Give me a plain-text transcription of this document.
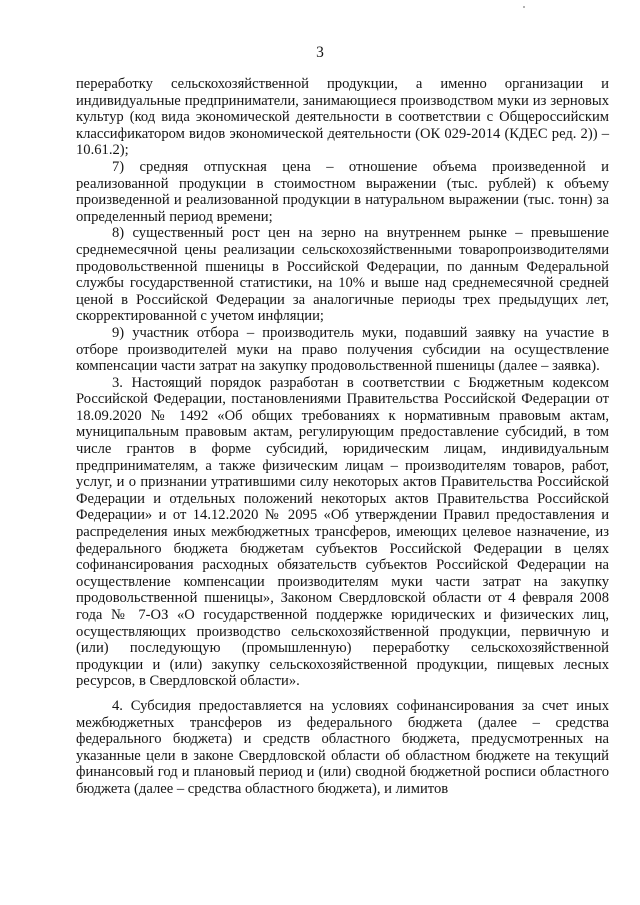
3

переработку сельскохозяйственной продукции, а именно организации и индивидуальные предприниматели, занимающиеся производством муки из зерновых культур (код вида экономической деятельности в соответствии с Общероссийским классификатором видов экономической деятельности (ОК 029-2014 (КДЕС ред. 2)) – 10.61.2);

7) средняя отпускная цена – отношение объема произведенной и реализованной продукции в стоимостном выражении (тыс. рублей) к объему произведенной и реализованной продукции в натуральном выражении (тыс. тонн) за определенный период времени;

8) существенный рост цен на зерно на внутреннем рынке – превышение среднемесячной цены реализации сельскохозяйственными товаропроизводителями продовольственной пшеницы в Российской Федерации, по данным Федеральной службы государственной статистики, на 10% и выше над среднемесячной средней ценой в Российской Федерации за аналогичные периоды трех предыдущих лет, скорректированной с учетом инфляции;

9) участник отбора – производитель муки, подавший заявку на участие в отборе производителей муки на право получения субсидии на осуществление компенсации части затрат на закупку продовольственной пшеницы (далее – заявка).

3. Настоящий порядок разработан в соответствии с Бюджетным кодексом Российской Федерации, постановлениями Правительства Российской Федерации от 18.09.2020 № 1492 «Об общих требованиях к нормативным правовым актам, муниципальным правовым актам, регулирующим предоставление субсидий, в том числе грантов в форме субсидий, юридическим лицам, индивидуальным предпринимателям, а также физическим лицам – производителям товаров, работ, услуг, и о признании утратившими силу некоторых актов Правительства Российской Федерации и отдельных положений некоторых актов Правительства Российской Федерации» и от 14.12.2020 № 2095 «Об утверждении Правил предоставления и распределения иных межбюджетных трансферов, имеющих целевое назначение, из федерального бюджета бюджетам субъектов Российской Федерации в целях софинансирования расходных обязательств субъектов Российской Федерации на осуществление компенсации производителям муки части затрат на закупку продовольственной пшеницы», Законом Свердловской области от 4 февраля 2008 года № 7-ОЗ «О государственной поддержке юридических и физических лиц, осуществляющих производство сельскохозяйственной продукции, первичную и (или) последующую (промышленную) переработку сельскохозяйственной продукции и (или) закупку сельскохозяйственной продукции, пищевых лесных ресурсов, в Свердловской области».

4. Субсидия предоставляется на условиях софинансирования за счет иных межбюджетных трансферов из федерального бюджета (далее – средства федерального бюджета) и средств областного бюджета, предусмотренных на указанные цели в законе Свердловской области об областном бюджете на текущий финансовый год и плановый период и (или) сводной бюджетной росписи областного бюджета (далее – средства областного бюджета), и лимитов
